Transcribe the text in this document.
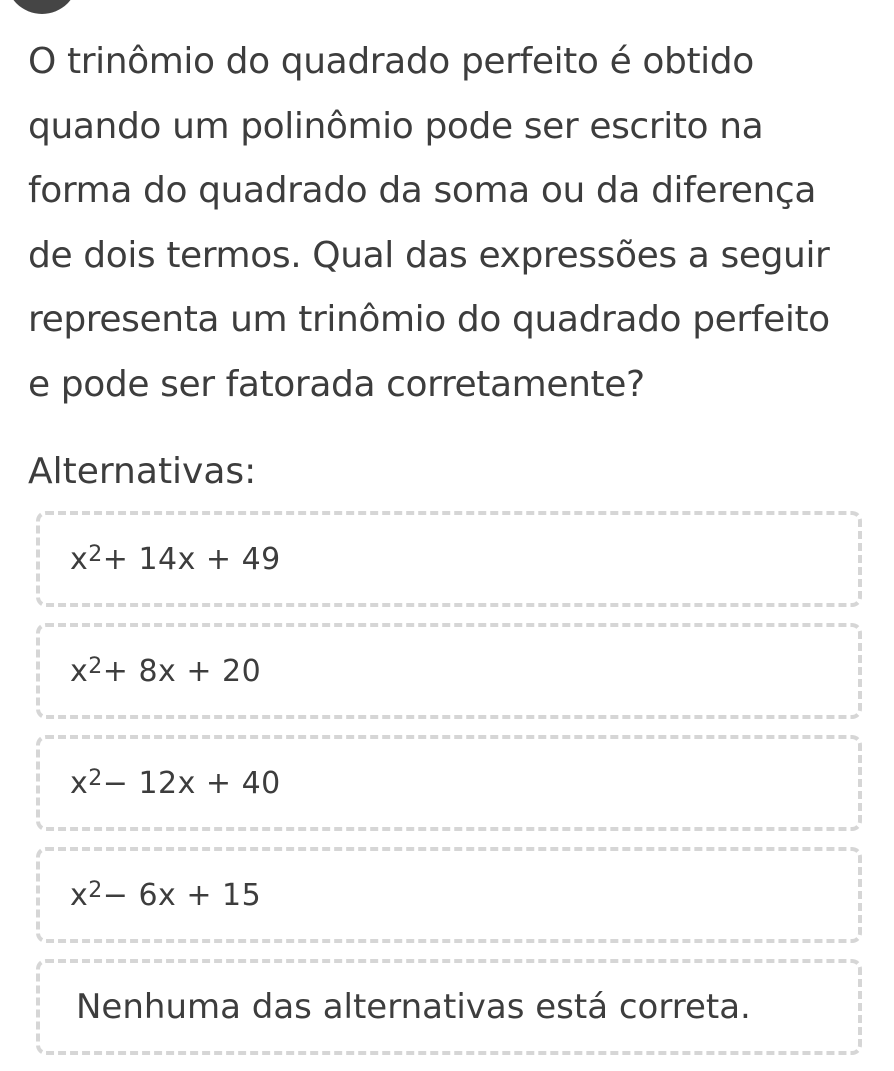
O trinômio do quadrado perfeito é obtido
quando um polinômio pode ser escrito na
forma do quadrado da soma ou da diferença
de dois termos. Qual das expressões a seguir
representa um trinômio do quadrado perfeito
e pode ser fatorada corretamente?

Alternativas:
$x^2 + 14x + 49$
$x^2 + 8x + 20$
$x^2 - 12x + 40$
$x^2 - 6x + 15$
Nenhuma das alternativas está correta.
